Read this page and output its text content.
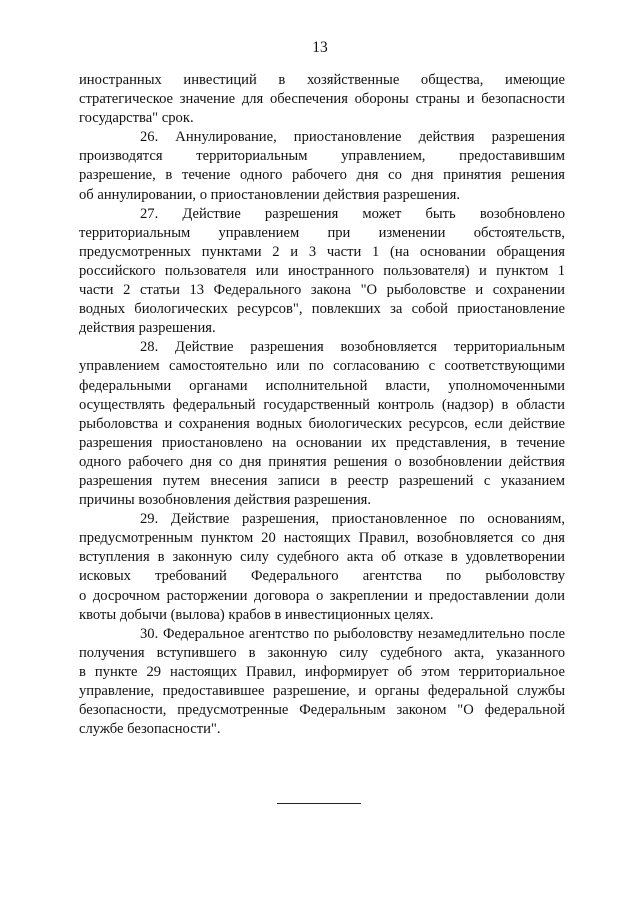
13
иностранных инвестиций в хозяйственные общества, имеющие
стратегическое значение для обеспечения обороны страны и безопасности
государства" срок.
26. Аннулирование, приостановление действия разрешения
производятся территориальным управлением, предоставившим
разрешение, в течение одного рабочего дня со дня принятия решения
об аннулировании, о приостановлении действия разрешения.
27. Действие разрешения может быть возобновлено
территориальным управлением при изменении обстоятельств,
предусмотренных пунктами 2 и 3 части 1 (на основании обращения
российского пользователя или иностранного пользователя) и пунктом 1
части 2 статьи 13 Федерального закона "О рыболовстве и сохранении
водных биологических ресурсов", повлекших за собой приостановление
действия разрешения.
28. Действие разрешения возобновляется территориальным
управлением самостоятельно или по согласованию с соответствующими
федеральными органами исполнительной власти, уполномоченными
осуществлять федеральный государственный контроль (надзор) в области
рыболовства и сохранения водных биологических ресурсов, если действие
разрешения приостановлено на основании их представления, в течение
одного рабочего дня со дня принятия решения о возобновлении действия
разрешения путем внесения записи в реестр разрешений с указанием
причины возобновления действия разрешения.
29. Действие разрешения, приостановленное по основаниям,
предусмотренным пунктом 20 настоящих Правил, возобновляется со дня
вступления в законную силу судебного акта об отказе в удовлетворении
исковых требований Федерального агентства по рыболовству
о досрочном расторжении договора о закреплении и предоставлении доли
квоты добычи (вылова) крабов в инвестиционных целях.
30. Федеральное агентство по рыболовству незамедлительно после
получения вступившего в законную силу судебного акта, указанного
в пункте 29 настоящих Правил, информирует об этом территориальное
управление, предоставившее разрешение, и органы федеральной службы
безопасности, предусмотренные Федеральным законом "О федеральной
службе безопасности".
